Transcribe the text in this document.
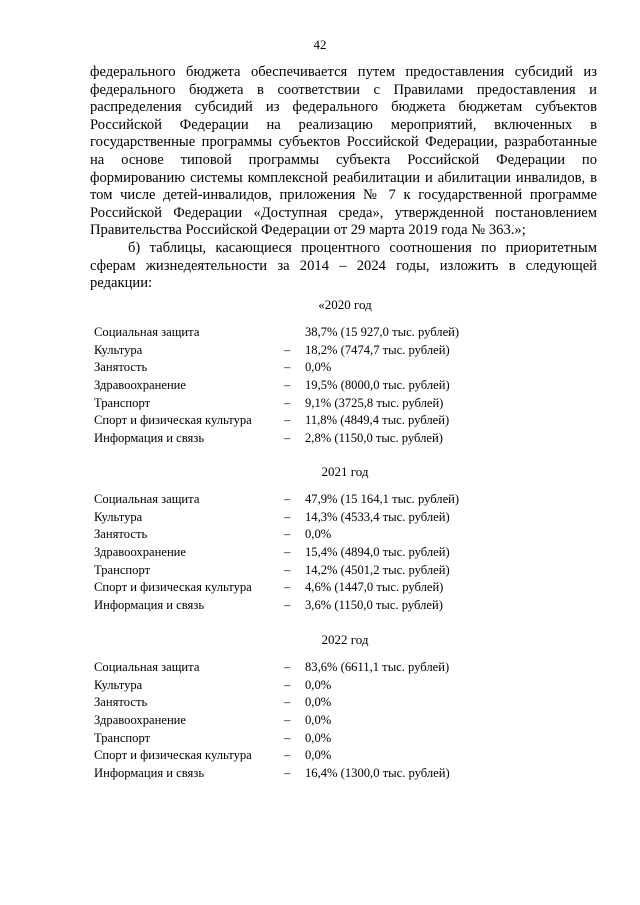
42

федерального бюджета обеспечивается путем предоставления субсидий из федерального бюджета в соответствии с Правилами предоставления и распределения субсидий из федерального бюджета бюджетам субъектов Российской Федерации на реализацию мероприятий, включенных в государственные программы субъектов Российской Федерации, разработанные на основе типовой программы субъекта Российской Федерации по формированию системы комплексной реабилитации и абилитации инвалидов, в том числе детей-инвалидов, приложения № 7 к государственной программе Российской Федерации «Доступная среда», утвержденной постановлением Правительства Российской Федерации от 29 марта 2019 года № 363.»;

б) таблицы, касающиеся процентного соотношения по приоритетным сферам жизнедеятельности за 2014 – 2024 годы, изложить в следующей редакции:

«2020 год
Социальная защита	38,7% (15 927,0 тыс. рублей)
Культура	– 18,2% (7474,7 тыс. рублей)
Занятость	– 0,0%
Здравоохранение	– 19,5% (8000,0 тыс. рублей)
Транспорт	– 9,1% (3725,8 тыс. рублей)
Спорт и физическая культура	– 11,8% (4849,4 тыс. рублей)
Информация и связь	– 2,8% (1150,0 тыс. рублей)
2021 год
Социальная защита	– 47,9% (15 164,1 тыс. рублей)
Культура	– 14,3% (4533,4 тыс. рублей)
Занятость	– 0,0%
Здравоохранение	– 15,4% (4894,0 тыс. рублей)
Транспорт	– 14,2% (4501,2 тыс. рублей)
Спорт и физическая культура	– 4,6% (1447,0 тыс. рублей)
Информация и связь	– 3,6% (1150,0 тыс. рублей)
2022 год
Социальная защита	– 83,6% (6611,1 тыс. рублей)
Культура	– 0,0%
Занятость	– 0,0%
Здравоохранение	– 0,0%
Транспорт	– 0,0%
Спорт и физическая культура	– 0,0%
Информация и связь	– 16,4% (1300,0 тыс. рублей)
